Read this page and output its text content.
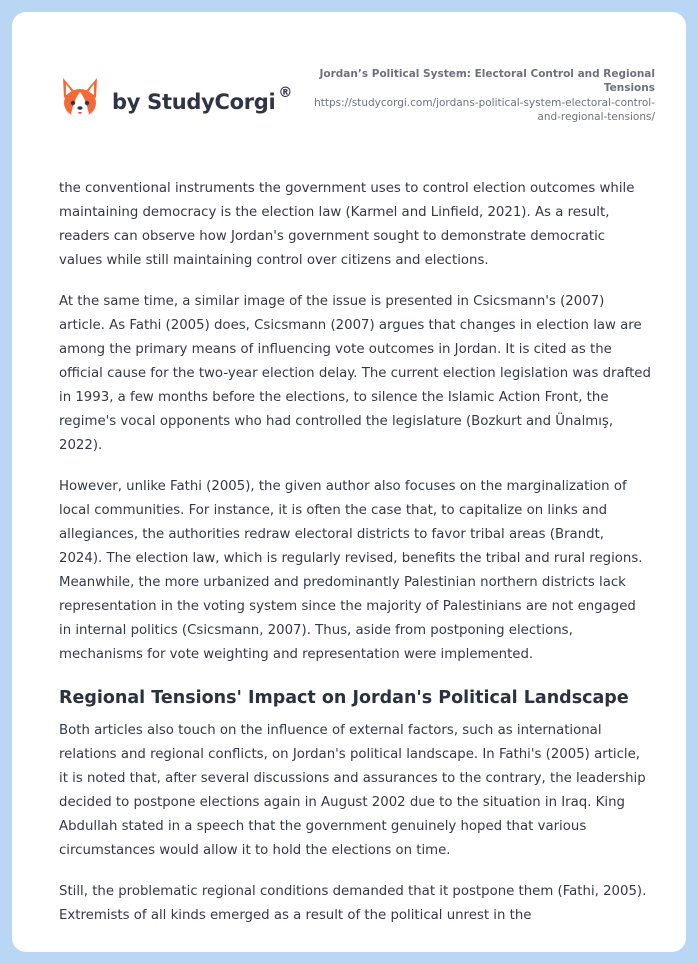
by StudyCorgi ®
Jordan’s Political System: Electoral Control and Regional Tensions
https://studycorgi.com/jordans-political-system-electoral-control-and-regional-tensions/

the conventional instruments the government uses to control election outcomes while maintaining democracy is the election law (Karmel and Linfield, 2021). As a result, readers can observe how Jordan's government sought to demonstrate democratic values while still maintaining control over citizens and elections.

At the same time, a similar image of the issue is presented in Csicsmann's (2007) article. As Fathi (2005) does, Csicsmann (2007) argues that changes in election law are among the primary means of influencing vote outcomes in Jordan. It is cited as the official cause for the two-year election delay. The current election legislation was drafted in 1993, a few months before the elections, to silence the Islamic Action Front, the regime's vocal opponents who had controlled the legislature (Bozkurt and Ünalmış, 2022).

However, unlike Fathi (2005), the given author also focuses on the marginalization of local communities. For instance, it is often the case that, to capitalize on links and allegiances, the authorities redraw electoral districts to favor tribal areas (Brandt, 2024). The election law, which is regularly revised, benefits the tribal and rural regions. Meanwhile, the more urbanized and predominantly Palestinian northern districts lack representation in the voting system since the majority of Palestinians are not engaged in internal politics (Csicsmann, 2007). Thus, aside from postponing elections, mechanisms for vote weighting and representation were implemented.

Regional Tensions' Impact on Jordan's Political Landscape

Both articles also touch on the influence of external factors, such as international relations and regional conflicts, on Jordan's political landscape. In Fathi's (2005) article, it is noted that, after several discussions and assurances to the contrary, the leadership decided to postpone elections again in August 2002 due to the situation in Iraq. King Abdullah stated in a speech that the government genuinely hoped that various circumstances would allow it to hold the elections on time.

Still, the problematic regional conditions demanded that it postpone them (Fathi, 2005). Extremists of all kinds emerged as a result of the political unrest in the
